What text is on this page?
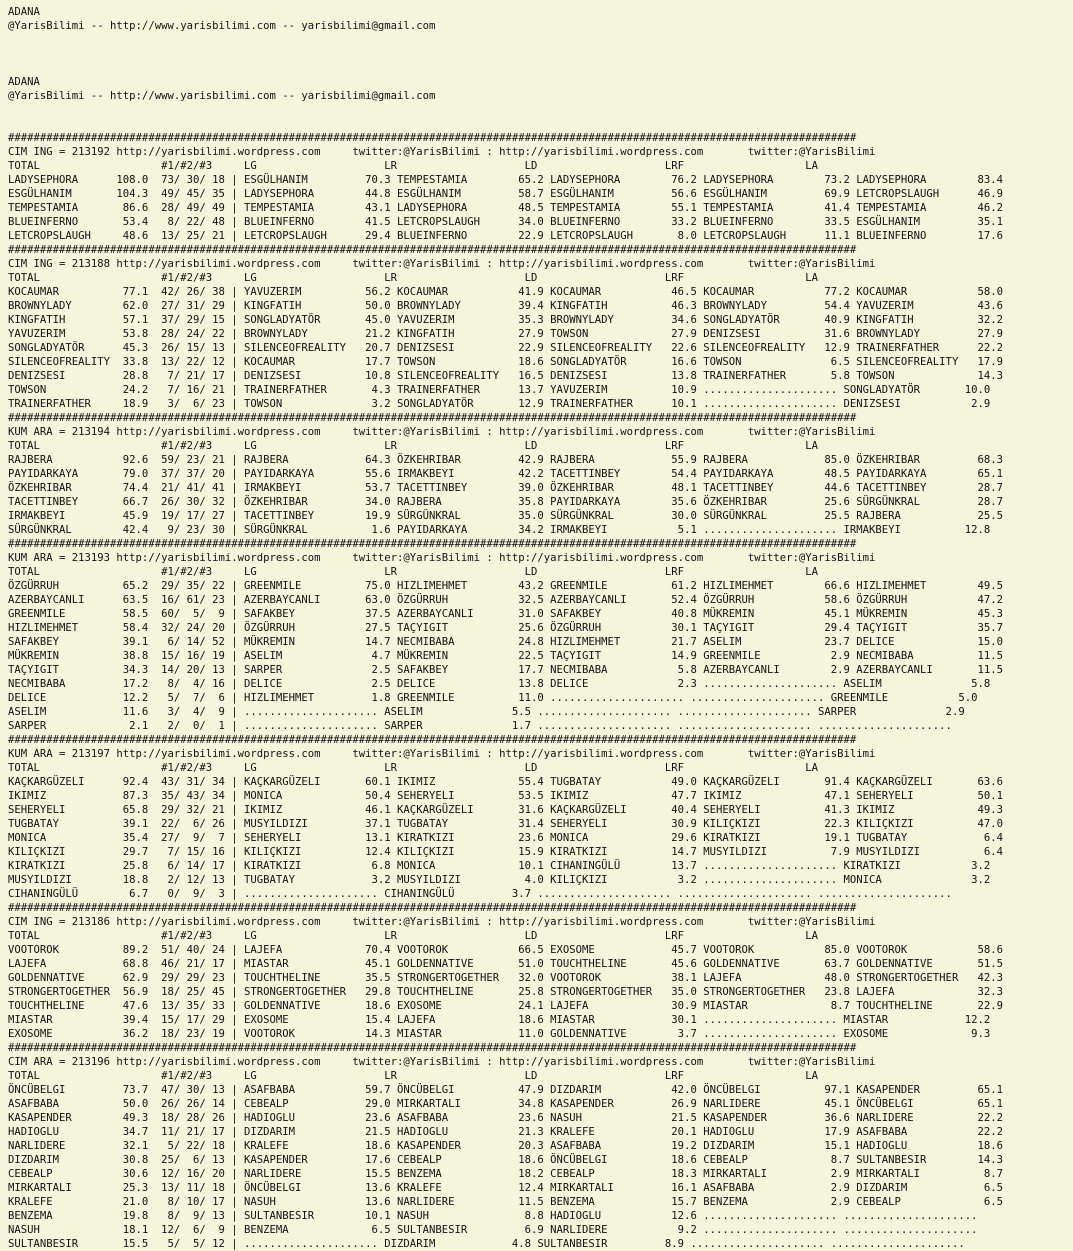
ADANA
@YarisBilimi -- http://www.yarisbilimi.com -- yarisbilimi@gmail.com
ADANA
@YarisBilimi -- http://www.yarisbilimi.com -- yarisbilimi@gmail.com
#####################################################################################################################################
CIM ING = 213192 http://yarisbilimi.wordpress.com     twitter:@YarisBilimi : http://yarisbilimi.wordpress.com       twitter:@YarisBilimi
TOTAL                   #1/#2/#3     LG                    LR                    LD                    LRF                   LA
LADYSEPHORA      108.0  73/ 30/ 18 | ESGÜLHANIM         70.3 TEMPESTAMIA        65.2 LADYSEPHORA        76.2 LADYSEPHORA        73.2 LADYSEPHORA        83.4
ESGÜLHANIM       104.3  49/ 45/ 35 | LADYSEPHORA        44.8 ESGÜLHANIM         58.7 ESGÜLHANIM         56.6 ESGÜLHANIM         69.9 LETCROPSLAUGH      46.9
TEMPESTAMIA       86.6  28/ 49/ 49 | TEMPESTAMIA        43.1 LADYSEPHORA        48.5 TEMPESTAMIA        55.1 TEMPESTAMIA        41.4 TEMPESTAMIA        46.2
BLUEINFERNO       53.4   8/ 22/ 48 | BLUEINFERNO        41.5 LETCROPSLAUGH      34.0 BLUEINFERNO        33.2 BLUEINFERNO        33.5 ESGÜLHANIM         35.1
LETCROPSLAUGH     48.6  13/ 25/ 21 | LETCROPSLAUGH      29.4 BLUEINFERNO        22.9 LETCROPSLAUGH       8.0 LETCROPSLAUGH      11.1 BLUEINFERNO        17.6
#####################################################################################################################################
CIM ING = 213188 http://yarisbilimi.wordpress.com     twitter:@YarisBilimi : http://yarisbilimi.wordpress.com       twitter:@YarisBilimi
TOTAL                   #1/#2/#3     LG                    LR                    LD                    LRF                   LA
KOCAUMAR          77.1  42/ 26/ 38 | YAVUZERIM          56.2 KOCAUMAR           41.9 KOCAUMAR           46.5 KOCAUMAR           77.2 KOCAUMAR           58.0
BROWNYLADY        62.0  27/ 31/ 29 | KINGFATIH          50.0 BROWNYLADY         39.4 KINGFATIH          46.3 BROWNYLADY         54.4 YAVUZERIM          43.6
KINGFATIH         57.1  37/ 29/ 15 | SONGLADYATÖR       45.0 YAVUZERIM          35.3 BROWNYLADY         34.6 SONGLADYATÖR       40.9 KINGFATIH          32.2
YAVUZERIM         53.8  28/ 24/ 22 | BROWNYLADY         21.2 KINGFATIH          27.9 TOWSON             27.9 DENIZSESI          31.6 BROWNYLADY         27.9
SONGLADYATÖR      45.3  26/ 15/ 13 | SILENCEOFREALITY   20.7 DENIZSESI          22.9 SILENCEOFREALITY   22.6 SILENCEOFREALITY   12.9 TRAINERFATHER      22.2
SILENCEOFREALITY  33.8  13/ 22/ 12 | KOCAUMAR           17.7 TOWSON             18.6 SONGLADYATÖR       16.6 TOWSON              6.5 SILENCEOFREALITY   17.9
DENIZSESI         28.8   7/ 21/ 17 | DENIZSESI          10.8 SILENCEOFREALITY   16.5 DENIZSESI          13.8 TRAINERFATHER       5.8 TOWSON             14.3
TOWSON            24.2   7/ 16/ 21 | TRAINERFATHER       4.3 TRAINERFATHER      13.7 YAVUZERIM          10.9 ..................... SONGLADYATÖR       10.0
TRAINERFATHER     18.9   3/  6/ 23 | TOWSON              3.2 SONGLADYATÖR       12.9 TRAINERFATHER      10.1 ..................... DENIZSESI           2.9
#####################################################################################################################################
KUM ARA = 213194 http://yarisbilimi.wordpress.com     twitter:@YarisBilimi : http://yarisbilimi.wordpress.com       twitter:@YarisBilimi
TOTAL                   #1/#2/#3     LG                    LR                    LD                    LRF                   LA
RAJBERA           92.6  59/ 23/ 21 | RAJBERA            64.3 ÖZKEHRIBAR         42.9 RAJBERA            55.9 RAJBERA            85.0 ÖZKEHRIBAR         68.3
PAYIDARKAYA       79.0  37/ 37/ 20 | PAYIDARKAYA        55.6 IRMAKBEYI          42.2 TACETTINBEY        54.4 PAYIDARKAYA        48.5 PAYIDARKAYA        65.1
ÖZKEHRIBAR        74.4  21/ 41/ 41 | IRMAKBEYI          53.7 TACETTINBEY        39.0 ÖZKEHRIBAR         48.1 TACETTINBEY        44.6 TACETTINBEY        28.7
TACETTINBEY       66.7  26/ 30/ 32 | ÖZKEHRIBAR         34.0 RAJBERA            35.8 PAYIDARKAYA        35.6 ÖZKEHRIBAR         25.6 SÜRGÜNKRAL         28.7
IRMAKBEYI         45.9  19/ 17/ 27 | TACETTINBEY        19.9 SÜRGÜNKRAL         35.0 SÜRGÜNKRAL         30.0 SÜRGÜNKRAL         25.5 RAJBERA            25.5
SÜRGÜNKRAL        42.4   9/ 23/ 30 | SÜRGÜNKRAL          1.6 PAYIDARKAYA        34.2 IRMAKBEYI           5.1 ..................... IRMAKBEYI          12.8
#####################################################################################################################################
KUM ARA = 213193 http://yarisbilimi.wordpress.com     twitter:@YarisBilimi : http://yarisbilimi.wordpress.com       twitter:@YarisBilimi
TOTAL                   #1/#2/#3     LG                    LR                    LD                    LRF                   LA
ÖZGÜRRUH          65.2  29/ 35/ 22 | GREENMILE          75.0 HIZLIMEHMET        43.2 GREENMILE          61.2 HIZLIMEHMET        66.6 HIZLIMEHMET        49.5
AZERBAYCANLI      63.5  16/ 61/ 23 | AZERBAYCANLI       63.0 ÖZGÜRRUH           32.5 AZERBAYCANLI       52.4 ÖZGÜRRUH           58.6 ÖZGÜRRUH           47.2
GREENMILE         58.5  60/  5/  9 | SAFAKBEY           37.5 AZERBAYCANLI       31.0 SAFAKBEY           40.8 MÜKREMIN           45.1 MÜKREMIN           45.3
HIZLIMEHMET       58.4  32/ 24/ 20 | ÖZGÜRRUH           27.5 TAÇYIGIT           25.6 ÖZGÜRRUH           30.1 TAÇYIGIT           29.4 TAÇYIGIT           35.7
SAFAKBEY          39.1   6/ 14/ 52 | MÜKREMIN           14.7 NECMIBABA          24.8 HIZLIMEHMET        21.7 ASELIM             23.7 DELICE             15.0
MÜKREMIN          38.8  15/ 16/ 19 | ASELIM              4.7 MÜKREMIN           22.5 TAÇYIGIT           14.9 GREENMILE           2.9 NECMIBABA          11.5
TAÇYIGIT          34.3  14/ 20/ 13 | SARPER              2.5 SAFAKBEY           17.7 NECMIBABA           5.8 AZERBAYCANLI        2.9 AZERBAYCANLI       11.5
NECMIBABA         17.2   8/  4/ 16 | DELICE              2.5 DELICE             13.8 DELICE              2.3 ..................... ASELIM              5.8
DELICE            12.2   5/  7/  6 | HIZLIMEHMET         1.8 GREENMILE          11.0 ..................... ..................... GREENMILE           5.0
ASELIM            11.6   3/  4/  9 | ..................... ASELIM              5.5 ..................... ..................... SARPER              2.9
SARPER             2.1   2/  0/  1 | ..................... SARPER              1.7 ..................... ..................... .....................
#####################################################################################################################################
KUM ARA = 213197 http://yarisbilimi.wordpress.com     twitter:@YarisBilimi : http://yarisbilimi.wordpress.com       twitter:@YarisBilimi
TOTAL                   #1/#2/#3     LG                    LR                    LD                    LRF                   LA
KAÇKARGÜZELI      92.4  43/ 31/ 34 | KAÇKARGÜZELI       60.1 IKIMIZ             55.4 TUGBATAY           49.0 KAÇKARGÜZELI       91.4 KAÇKARGÜZELI       63.6
IKIMIZ            87.3  35/ 43/ 34 | MONICA             50.4 SEHERYELI          53.5 IKIMIZ             47.7 IKIMIZ             47.1 SEHERYELI          50.1
SEHERYELI         65.8  29/ 32/ 21 | IKIMIZ             46.1 KAÇKARGÜZELI       31.6 KAÇKARGÜZELI       40.4 SEHERYELI          41.3 IKIMIZ             49.3
TUGBATAY          39.1  22/  6/ 26 | MUSYILDIZI         37.1 TUGBATAY           31.4 SEHERYELI          30.9 KILIÇKIZI          22.3 KILIÇKIZI          47.0
MONICA            35.4  27/  9/  7 | SEHERYELI          13.1 KIRATKIZI          23.6 MONICA             29.6 KIRATKIZI          19.1 TUGBATAY            6.4
KILIÇKIZI         29.7   7/ 15/ 16 | KILIÇKIZI          12.4 KILIÇKIZI          15.9 KIRATKIZI          14.7 MUSYILDIZI          7.9 MUSYILDIZI          6.4
KIRATKIZI         25.8   6/ 14/ 17 | KIRATKIZI           6.8 MONICA             10.1 CIHANINGÜLÜ        13.7 ..................... KIRATKIZI           3.2
MUSYILDIZI        18.8   2/ 12/ 13 | TUGBATAY            3.2 MUSYILDIZI          4.0 KILIÇKIZI           3.2 ..................... MONICA              3.2
CIHANINGÜLÜ        6.7   0/  9/  3 | ..................... CIHANINGÜLÜ         3.7 ..................... ..................... .....................
#####################################################################################################################################
CIM ING = 213186 http://yarisbilimi.wordpress.com     twitter:@YarisBilimi : http://yarisbilimi.wordpress.com       twitter:@YarisBilimi
TOTAL                   #1/#2/#3     LG                    LR                    LD                    LRF                   LA
VOOTOROK          89.2  51/ 40/ 24 | LAJEFA             70.4 VOOTOROK           66.5 EXOSOME            45.7 VOOTOROK           85.0 VOOTOROK           58.6
LAJEFA            68.8  46/ 21/ 17 | MIASTAR            45.1 GOLDENNATIVE       51.0 TOUCHTHELINE       45.6 GOLDENNATIVE       63.7 GOLDENNATIVE       51.5
GOLDENNATIVE      62.9  29/ 29/ 23 | TOUCHTHELINE       35.5 STRONGERTOGETHER   32.0 VOOTOROK           38.1 LAJEFA             48.0 STRONGERTOGETHER   42.3
STRONGERTOGETHER  56.9  18/ 25/ 45 | STRONGERTOGETHER   29.8 TOUCHTHELINE       25.8 STRONGERTOGETHER   35.0 STRONGERTOGETHER   23.8 LAJEFA             32.3
TOUCHTHELINE      47.6  13/ 35/ 33 | GOLDENNATIVE       18.6 EXOSOME            24.1 LAJEFA             30.9 MIASTAR             8.7 TOUCHTHELINE       22.9
MIASTAR           39.4  15/ 17/ 29 | EXOSOME            15.4 LAJEFA             18.6 MIASTAR            30.1 ..................... MIASTAR            12.2
EXOSOME           36.2  18/ 23/ 19 | VOOTOROK           14.3 MIASTAR            11.0 GOLDENNATIVE        3.7 ..................... EXOSOME             9.3
#####################################################################################################################################
CIM ARA = 213196 http://yarisbilimi.wordpress.com     twitter:@YarisBilimi : http://yarisbilimi.wordpress.com       twitter:@YarisBilimi
TOTAL                   #1/#2/#3     LG                    LR                    LD                    LRF                   LA
ÖNCÜBELGI         73.7  47/ 30/ 13 | ASAFBABA           59.7 ÖNCÜBELGI          47.9 DIZDARIM           42.0 ÖNCÜBELGI          97.1 KASAPENDER         65.1
ASAFBABA          50.0  26/ 26/ 14 | CEBEALP            29.0 MIRKARTALI         34.8 KASAPENDER         26.9 NARLIDERE          45.1 ÖNCÜBELGI          65.1
KASAPENDER        49.3  18/ 28/ 26 | HADIOGLU           23.6 ASAFBABA           23.6 NASUH              21.5 KASAPENDER         36.6 NARLIDERE          22.2
HADIOGLU          34.7  11/ 21/ 17 | DIZDARIM           21.5 HADIOGLU           21.3 KRALEFE            20.1 HADIOGLU           17.9 ASAFBABA           22.2
NARLIDERE         32.1   5/ 22/ 18 | KRALEFE            18.6 KASAPENDER         20.3 ASAFBABA           19.2 DIZDARIM           15.1 HADIOGLU           18.6
DIZDARIM          30.8  25/  6/ 13 | KASAPENDER         17.6 CEBEALP            18.6 ÖNCÜBELGI          18.6 CEBEALP             8.7 SULTANBESIR        14.3
CEBEALP           30.6  12/ 16/ 20 | NARLIDERE          15.5 BENZEMA            18.2 CEBEALP            18.3 MIRKARTALI          2.9 MIRKARTALI          8.7
MIRKARTALI        25.3  13/ 11/ 18 | ÖNCÜBELGI          13.6 KRALEFE            12.4 MIRKARTALI         16.1 ASAFBABA            2.9 DIZDARIM            6.5
KRALEFE           21.0   8/ 10/ 17 | NASUH              13.6 NARLIDERE          11.5 BENZEMA            15.7 BENZEMA             2.9 CEBEALP             6.5
BENZEMA           19.8   8/  9/ 13 | SULTANBESIR        10.1 NASUH               8.8 HADIOGLU           12.6 ..................... .....................
NASUH             18.1  12/  6/  9 | BENZEMA             6.5 SULTANBESIR         6.9 NARLIDERE           9.2 ..................... .....................
SULTANBESIR       15.5   5/  5/ 12 | ..................... DIZDARIM            4.8 SULTANBESIR         8.9 ..................... .....................
